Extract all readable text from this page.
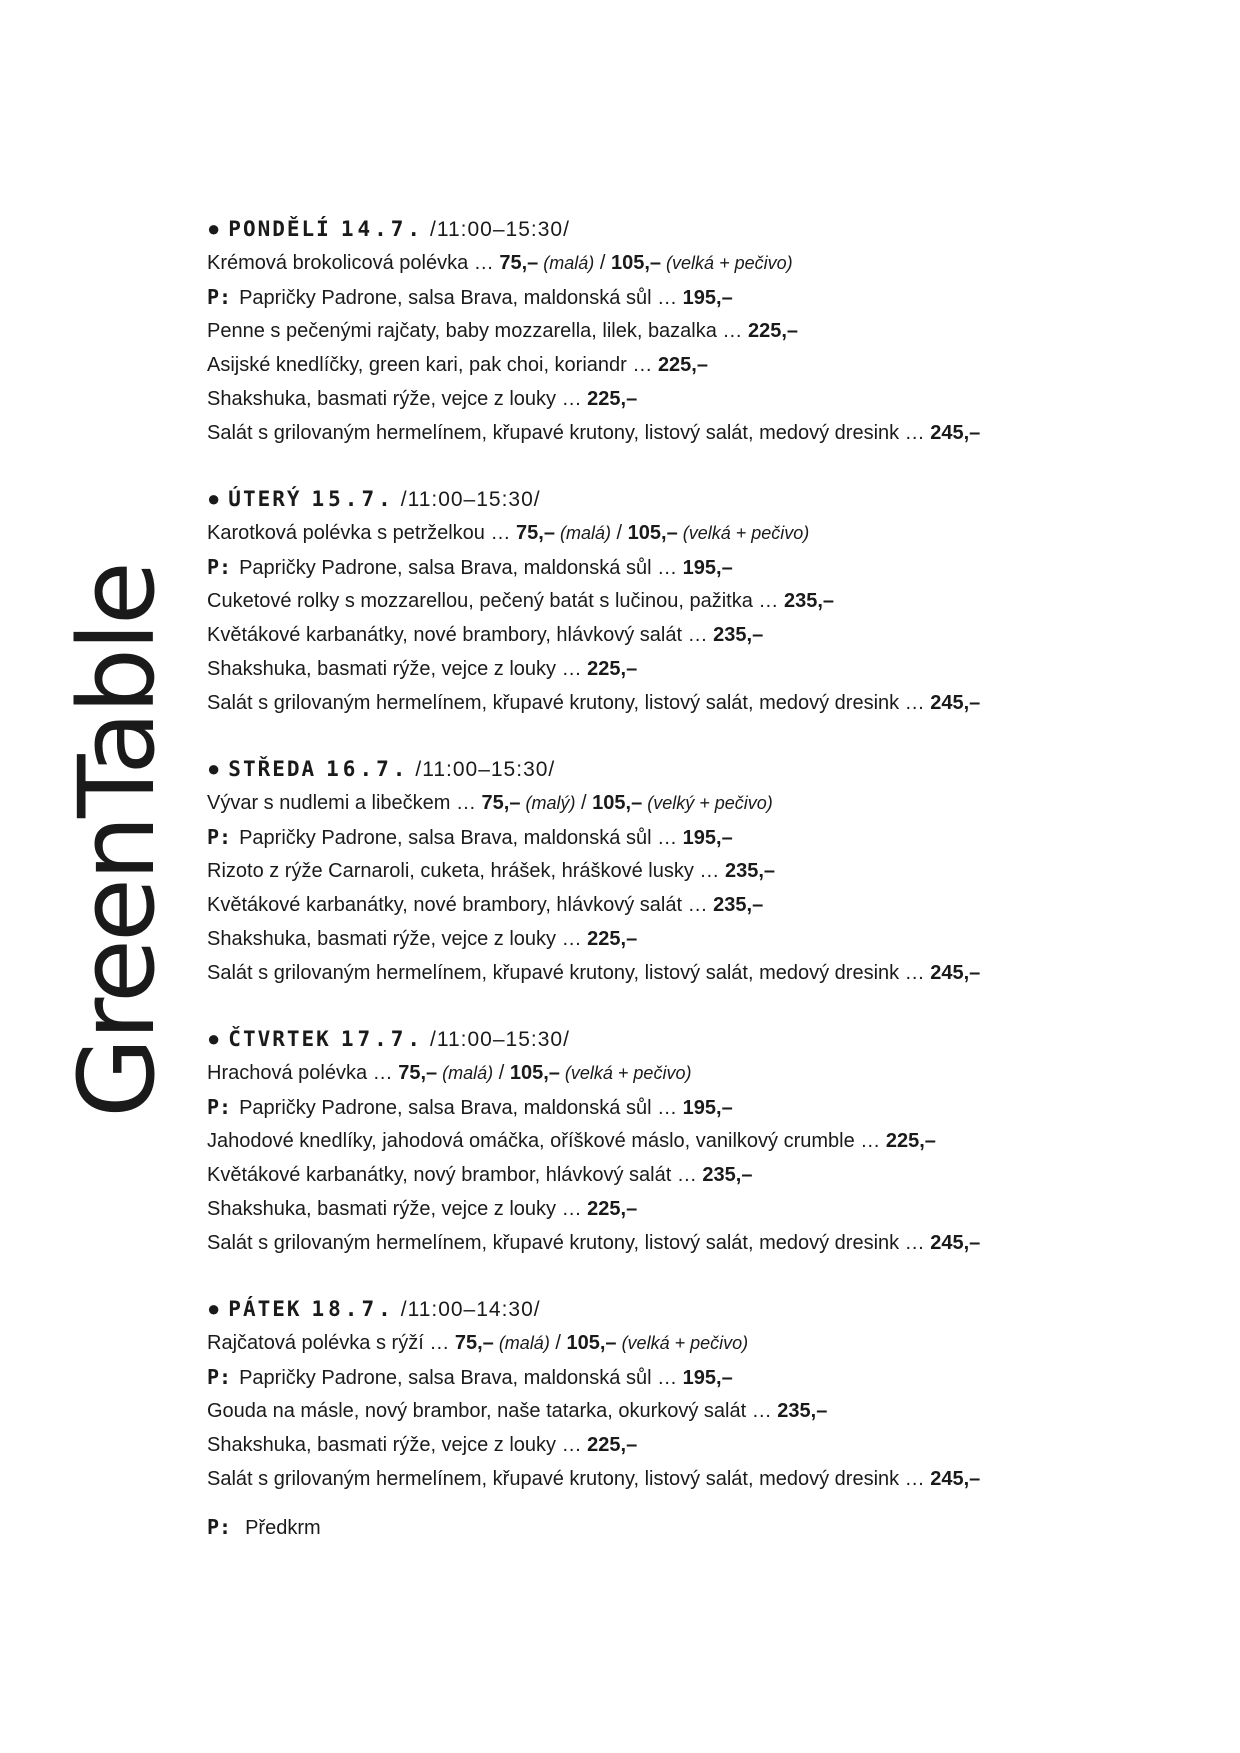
GreenTable
● PONDĚLÍ 14.7. /11:00–15:30/
Krémová brokolicová polévka … 75,– (malá) / 105,– (velká + pečivo)
P: Papričky Padrone, salsa Brava, maldonská sůl … 195,–
Penne s pečenými rajčaty, baby mozzarella, lilek, bazalka … 225,–
Asijské knedlíčky, green kari, pak choi, koriandr … 225,–
Shakshuka, basmati rýže, vejce z louky … 225,–
Salát s grilovaným hermelínem, křupavé krutony, listový salát, medový dresink … 245,–
● ÚTERÝ 15.7. /11:00–15:30/
Karotková polévka s petrželkou … 75,– (malá) / 105,– (velká + pečivo)
P: Papričky Padrone, salsa Brava, maldonská sůl … 195,–
Cuketové rolky s mozzarellou, pečený batát s lučinou, pažitka … 235,–
Květákové karbanátky, nové brambory, hlávkový salát … 235,–
Shakshuka, basmati rýže, vejce z louky … 225,–
Salát s grilovaným hermelínem, křupavé krutony, listový salát, medový dresink … 245,–
● STŘEDA 16.7. /11:00–15:30/
Vývar s nudlemi a libečkem … 75,– (malý) / 105,– (velký + pečivo)
P: Papričky Padrone, salsa Brava, maldonská sůl … 195,–
Rizoto z rýže Carnaroli, cuketa, hrášek, hráškové lusky … 235,–
Květákové karbanátky, nové brambory, hlávkový salát … 235,–
Shakshuka, basmati rýže, vejce z louky … 225,–
Salát s grilovaným hermelínem, křupavé krutony, listový salát, medový dresink … 245,–
● ČTVRTEK 17.7. /11:00–15:30/
Hrachová polévka … 75,– (malá) / 105,– (velká + pečivo)
P: Papričky Padrone, salsa Brava, maldonská sůl … 195,–
Jahodové knedlíky, jahodová omáčka, oříškové máslo, vanilkový crumble … 225,–
Květákové karbanátky, nový brambor, hlávkový salát … 235,–
Shakshuka, basmati rýže, vejce z louky … 225,–
Salát s grilovaným hermelínem, křupavé krutony, listový salát, medový dresink … 245,–
● PÁTEK 18.7. /11:00–14:30/
Rajčatová polévka s rýží … 75,– (malá) / 105,– (velká + pečivo)
P: Papričky Padrone, salsa Brava, maldonská sůl … 195,–
Gouda na másle, nový brambor, naše tatarka, okurkový salát … 235,–
Shakshuka, basmati rýže, vejce z louky … 225,–
Salát s grilovaným hermelínem, křupavé krutony, listový salát, medový dresink … 245,–
P: Předkrm
